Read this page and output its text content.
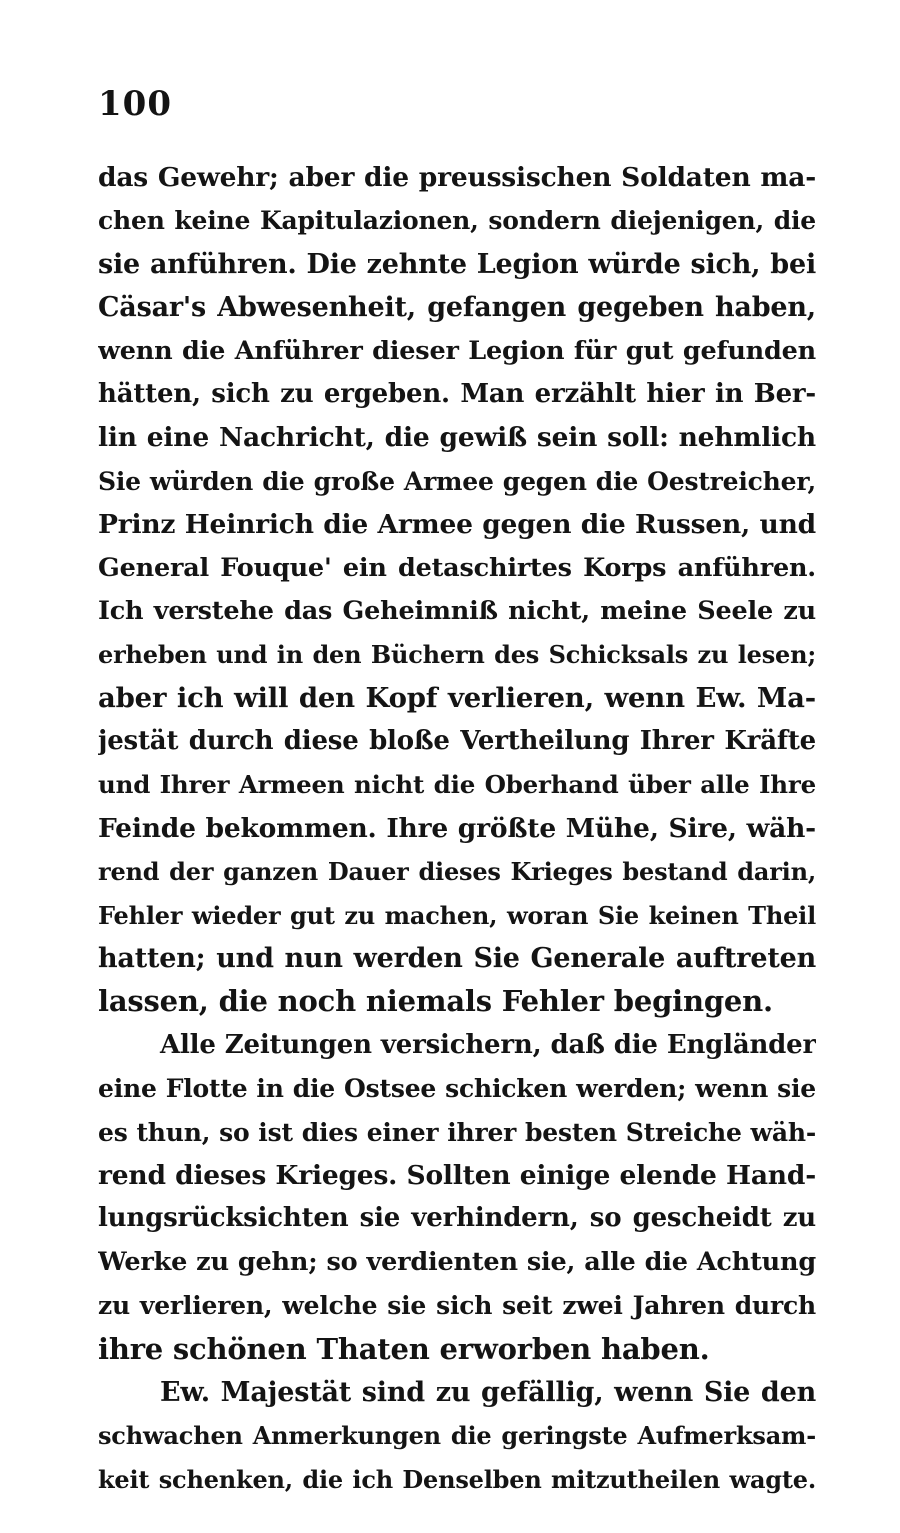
100
das Gewehr; aber die preussischen Soldaten ma-
chen keine Kapitulazionen, sondern diejenigen, die
sie anführen. Die zehnte Legion würde sich, bei
Cäsar's Abwesenheit, gefangen gegeben haben,
wenn die Anführer dieser Legion für gut gefunden
hätten, sich zu ergeben. Man erzählt hier in Ber-
lin eine Nachricht, die gewiß sein soll: nehmlich
Sie würden die große Armee gegen die Oestreicher,
Prinz Heinrich die Armee gegen die Russen, und
General Fouque' ein detaschirtes Korps anführen.
Ich verstehe das Geheimniß nicht, meine Seele zu
erheben und in den Büchern des Schicksals zu lesen;
aber ich will den Kopf verlieren, wenn Ew. Ma-
jestät durch diese bloße Vertheilung Ihrer Kräfte
und Ihrer Armeen nicht die Oberhand über alle Ihre
Feinde bekommen. Ihre größte Mühe, Sire, wäh-
rend der ganzen Dauer dieses Krieges bestand darin,
Fehler wieder gut zu machen, woran Sie keinen Theil
hatten; und nun werden Sie Generale auftreten
lassen, die noch niemals Fehler begingen.
Alle Zeitungen versichern, daß die Engländer
eine Flotte in die Ostsee schicken werden; wenn sie
es thun, so ist dies einer ihrer besten Streiche wäh-
rend dieses Krieges. Sollten einige elende Hand-
lungsrücksichten sie verhindern, so gescheidt zu
Werke zu gehn; so verdienten sie, alle die Achtung
zu verlieren, welche sie sich seit zwei Jahren durch
ihre schönen Thaten erworben haben.
Ew. Majestät sind zu gefällig, wenn Sie den
schwachen Anmerkungen die geringste Aufmerksam-
keit schenken, die ich Denselben mitzutheilen wagte.
